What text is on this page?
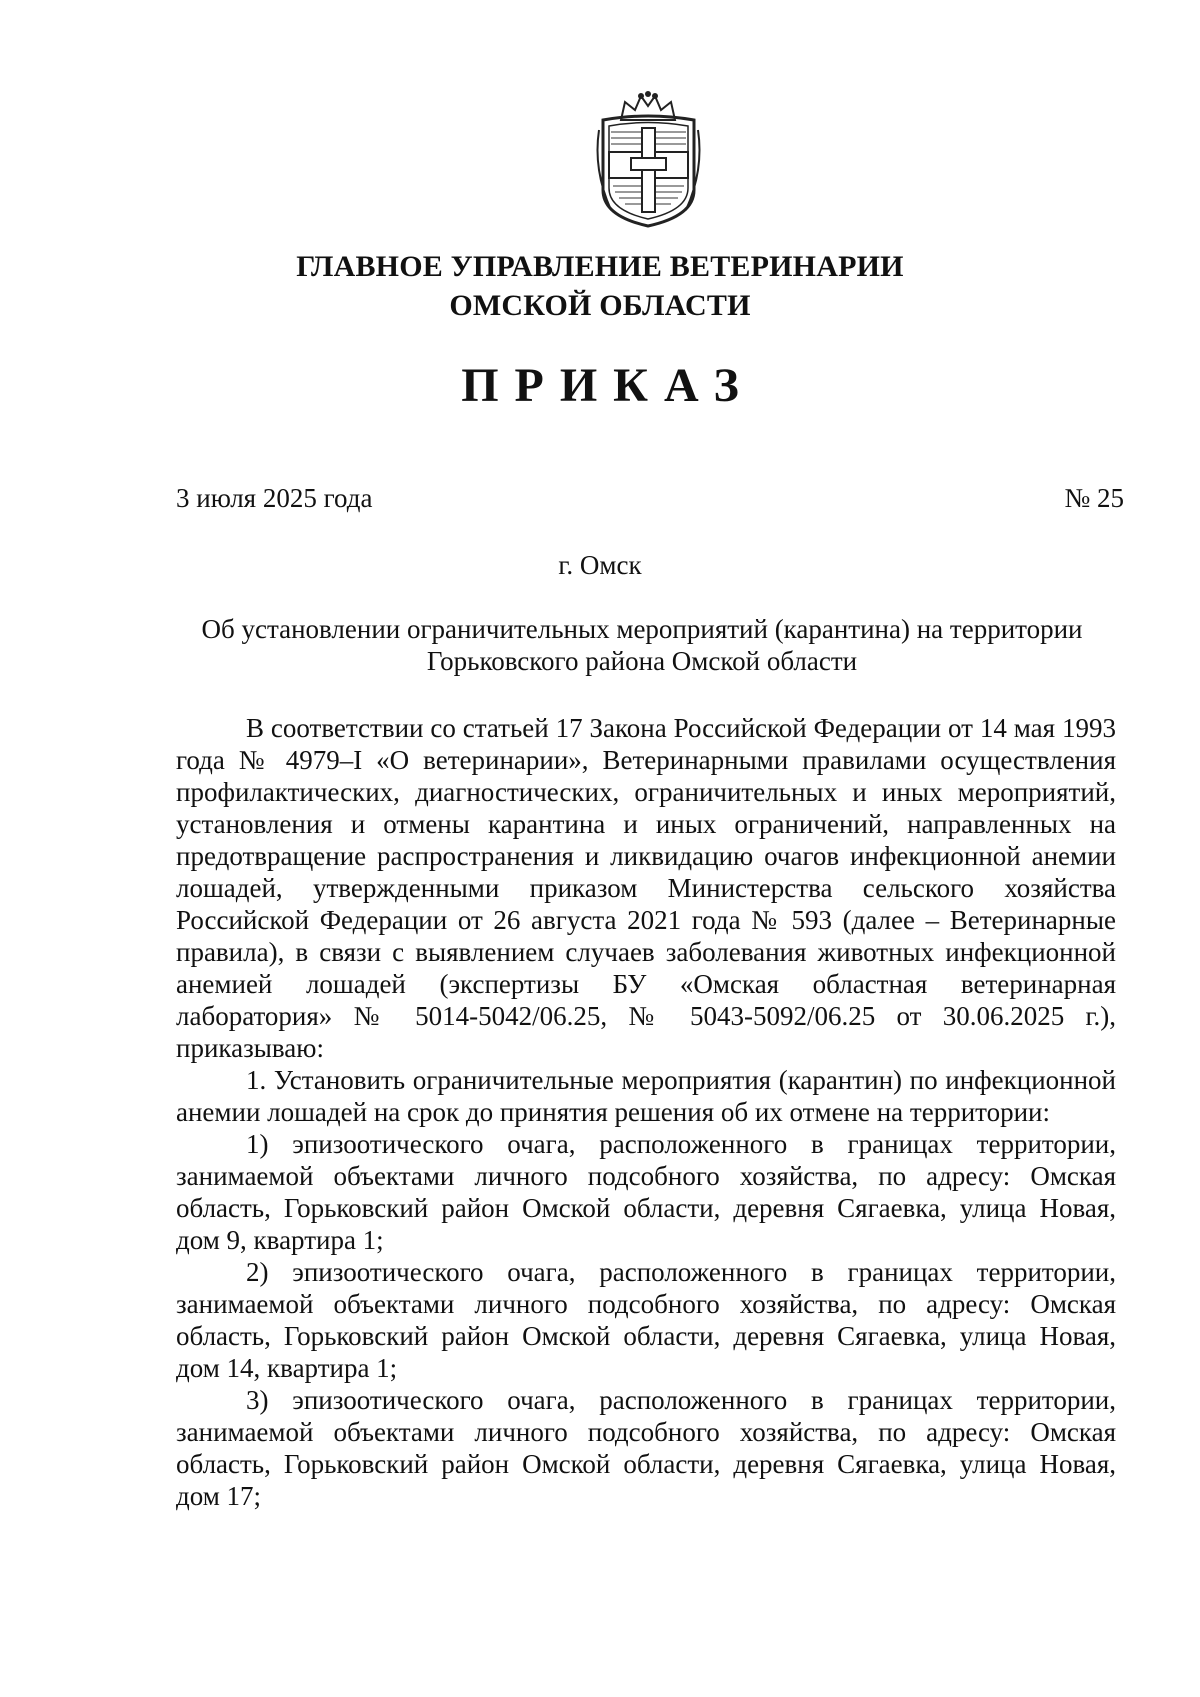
ГЛАВНОЕ УПРАВЛЕНИЕ ВЕТЕРИНАРИИ
ОМСКОЙ ОБЛАСТИ
ПРИКАЗ
3 июля 2025 года	№ 25
г. Омск
Об установлении ограничительных мероприятий (карантина) на территории
Горьковского района Омской области

В соответствии со статьей 17 Закона Российской Федерации от 14 мая 1993 года № 4979–I «О ветеринарии», Ветеринарными правилами осуществления профилактических, диагностических, ограничительных и иных мероприятий, установления и отмены карантина и иных ограничений, направленных на предотвращение распространения и ликвидацию очагов инфекционной анемии лошадей, утвержденными приказом Министерства сельского хозяйства Российской Федерации от 26 августа 2021 года № 593 (далее – Ветеринарные правила), в связи с выявлением случаев заболевания животных инфекционной анемией лошадей (экспертизы БУ «Омская областная ветеринарная лаборатория» № 5014-5042/06.25, № 5043-5092/06.25 от 30.06.2025 г.), приказываю:

1. Установить ограничительные мероприятия (карантин) по инфекционной анемии лошадей на срок до принятия решения об их отмене на территории:

1) эпизоотического очага, расположенного в границах территории, занимаемой объектами личного подсобного хозяйства, по адресу: Омская область, Горьковский район Омской области, деревня Сягаевка, улица Новая, дом 9, квартира 1;

2) эпизоотического очага, расположенного в границах территории, занимаемой объектами личного подсобного хозяйства, по адресу: Омская область, Горьковский район Омской области, деревня Сягаевка, улица Новая, дом 14, квартира 1;

3) эпизоотического очага, расположенного в границах территории, занимаемой объектами личного подсобного хозяйства, по адресу: Омская область, Горьковский район Омской области, деревня Сягаевка, улица Новая, дом 17;
